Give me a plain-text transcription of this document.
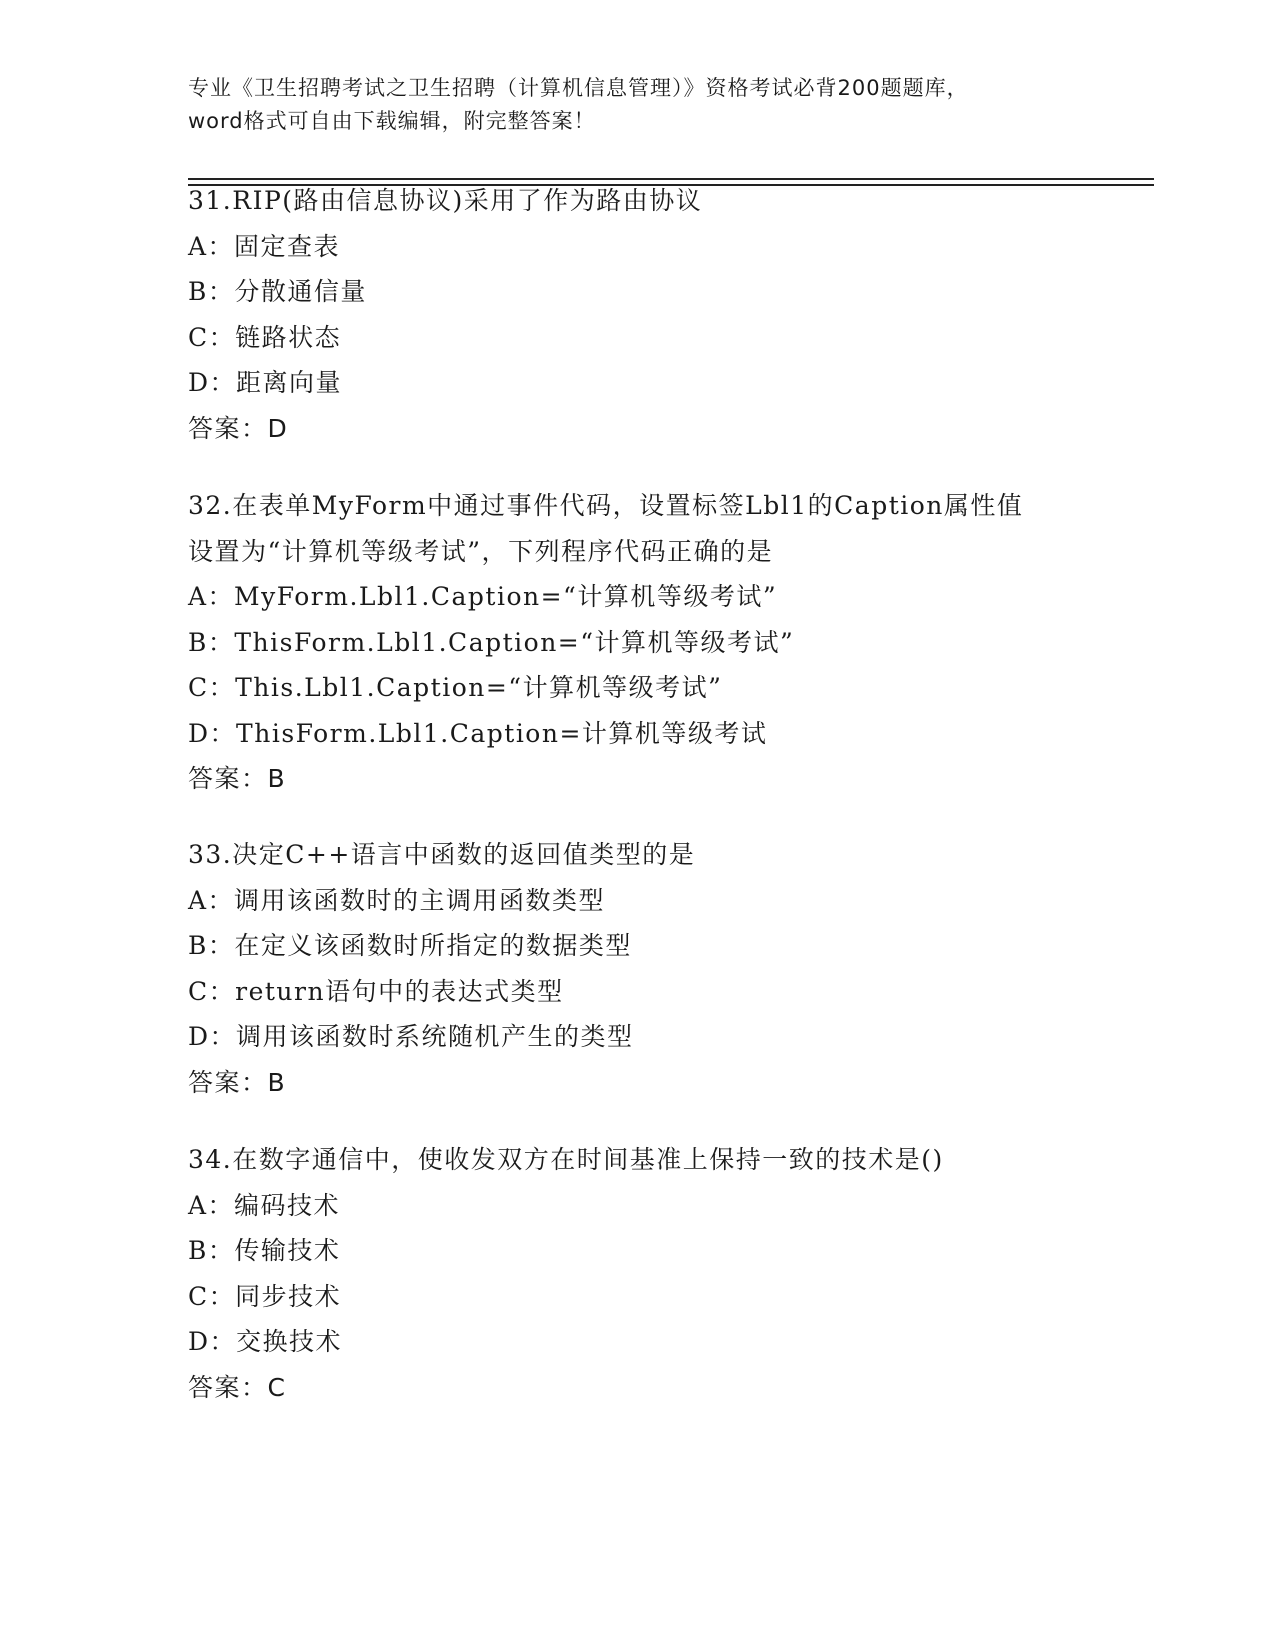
专业《卫生招聘考试之卫生招聘（计算机信息管理）》资格考试必背200题题库，
word格式可自由下载编辑，附完整答案！
31.RIP(路由信息协议)采用了作为路由协议
A：固定查表
B：分散通信量
C：链路状态
D：距离向量
答案：D
32.在表单MyForm中通过事件代码，设置标签Lbl1的Caption属性值
设置为“计算机等级考试”，下列程序代码正确的是
A：MyForm.Lbl1.Caption=“计算机等级考试”
B：ThisForm.Lbl1.Caption=“计算机等级考试”
C：This.Lbl1.Caption=“计算机等级考试”
D：ThisForm.Lbl1.Caption=计算机等级考试
答案：B
33.决定C++语言中函数的返回值类型的是
A：调用该函数时的主调用函数类型
B：在定义该函数时所指定的数据类型
C：return语句中的表达式类型
D：调用该函数时系统随机产生的类型
答案：B
34.在数字通信中，使收发双方在时间基准上保持一致的技术是()
A：编码技术
B：传输技术
C：同步技术
D：交换技术
答案：C
